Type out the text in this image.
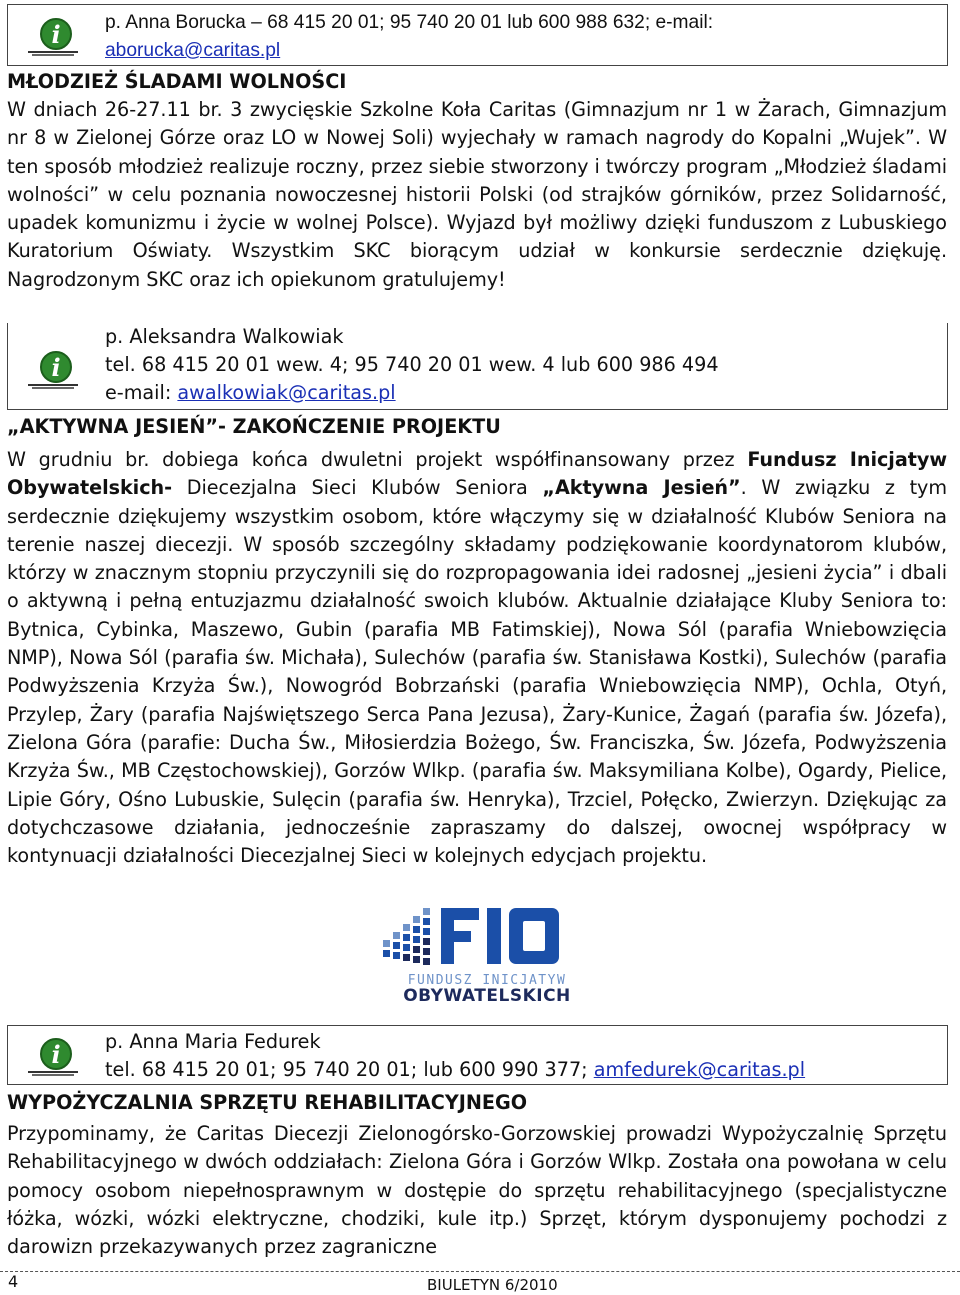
i p. Anna Borucka – 68 415 20 01; 95 740 20 01 lub 600 988 632; e-mail:
aborucka@caritas.pl

MŁODZIEŻ ŚLADAMI WOLNOŚCI

W dniach 26-27.11 br. 3 zwycięskie Szkolne Koła Caritas (Gimnazjum nr 1 w Żarach, Gimnazjum nr 8 w Zielonej Górze oraz LO w Nowej Soli) wyjechały w ramach nagrody do Kopalni „Wujek”. W ten sposób młodzież realizuje roczny, przez siebie stworzony i twórczy program „Młodzież śladami wolności” w celu poznania nowoczesnej historii Polski (od strajków górników, przez Solidarność, upadek komunizmu i życie w wolnej Polsce). Wyjazd był możliwy dzięki funduszom z Lubuskiego Kuratorium Oświaty. Wszystkim SKC biorącym udział w konkursie serdecznie dziękuję. Nagrodzonym SKC oraz ich opiekunom gratulujemy!

i
p. Aleksandra Walkowiak
tel. 68 415 20 01 wew. 4; 95 740 20 01 wew. 4 lub 600 986 494
e-mail: awalkowiak@caritas.pl

„AKTYWNA JESIEŃ”- ZAKOŃCZENIE PROJEKTU

W grudniu br. dobiega końca dwuletni projekt współfinansowany przez Fundusz Inicjatyw Obywatelskich- Diecezjalna Sieci Klubów Seniora „Aktywna Jesień”. W związku z tym serdecznie dziękujemy wszystkim osobom, które włączymy się w działalność Klubów Seniora na terenie naszej diecezji. W sposób szczególny składamy podziękowanie koordynatorom klubów, którzy w znacznym stopniu przyczynili się do rozpropagowania idei radosnej „jesieni życia” i dbali o aktywną i pełną entuzjazmu działalność swoich klubów. Aktualnie działające Kluby Seniora to: Bytnica, Cybinka, Maszewo, Gubin (parafia MB Fatimskiej), Nowa Sól (parafia Wniebowzięcia NMP), Nowa Sól (parafia św. Michała), Sulechów (parafia św. Stanisława Kostki), Sulechów (parafia Podwyższenia Krzyża Św.), Nowogród Bobrzański (parafia Wniebowzięcia NMP), Ochla, Otyń, Przylep, Żary (parafia Najświętszego Serca Pana Jezusa), Żary-Kunice, Żagań (parafia św. Józefa), Zielona Góra (parafie: Ducha Św., Miłosierdzia Bożego, Św. Franciszka, Św. Józefa, Podwyższenia Krzyża Św., MB Częstochowskiej), Gorzów Wlkp. (parafia św. Maksymiliana Kolbe), Ogardy, Pielice, Lipie Góry, Ośno Lubuskie, Sulęcin (parafia św. Henryka), Trzciel, Połęcko, Zwierzyn. Dziękując za dotychczasowe działania, jednocześnie zapraszamy do dalszej, owocnej współpracy w kontynuacji działalności Diecezjalnej Sieci w kolejnych edycjach projektu.

FUNDUSZ INICJATYW
OBYWATELSKICH
i p. Anna Maria Fedurek
tel. 68 415 20 01; 95 740 20 01; lub 600 990 377; amfedurek@caritas.pl

WYPOŻYCZALNIA SPRZĘTU REHABILITACYJNEGO

Przypominamy, że Caritas Diecezji Zielonogórsko-Gorzowskiej prowadzi Wypożyczalnię Sprzętu Rehabilitacyjnego w dwóch oddziałach: Zielona Góra i Gorzów Wlkp. Została ona powołana w celu pomocy osobom niepełnosprawnym w dostępie do sprzętu rehabilitacyjnego (specjalistyczne łóżka, wózki, wózki elektryczne, chodziki, kule itp.) Sprzęt, którym dysponujemy pochodzi z darowizn przekazywanych przez zagraniczne

4	BIULETYN 6/2010
